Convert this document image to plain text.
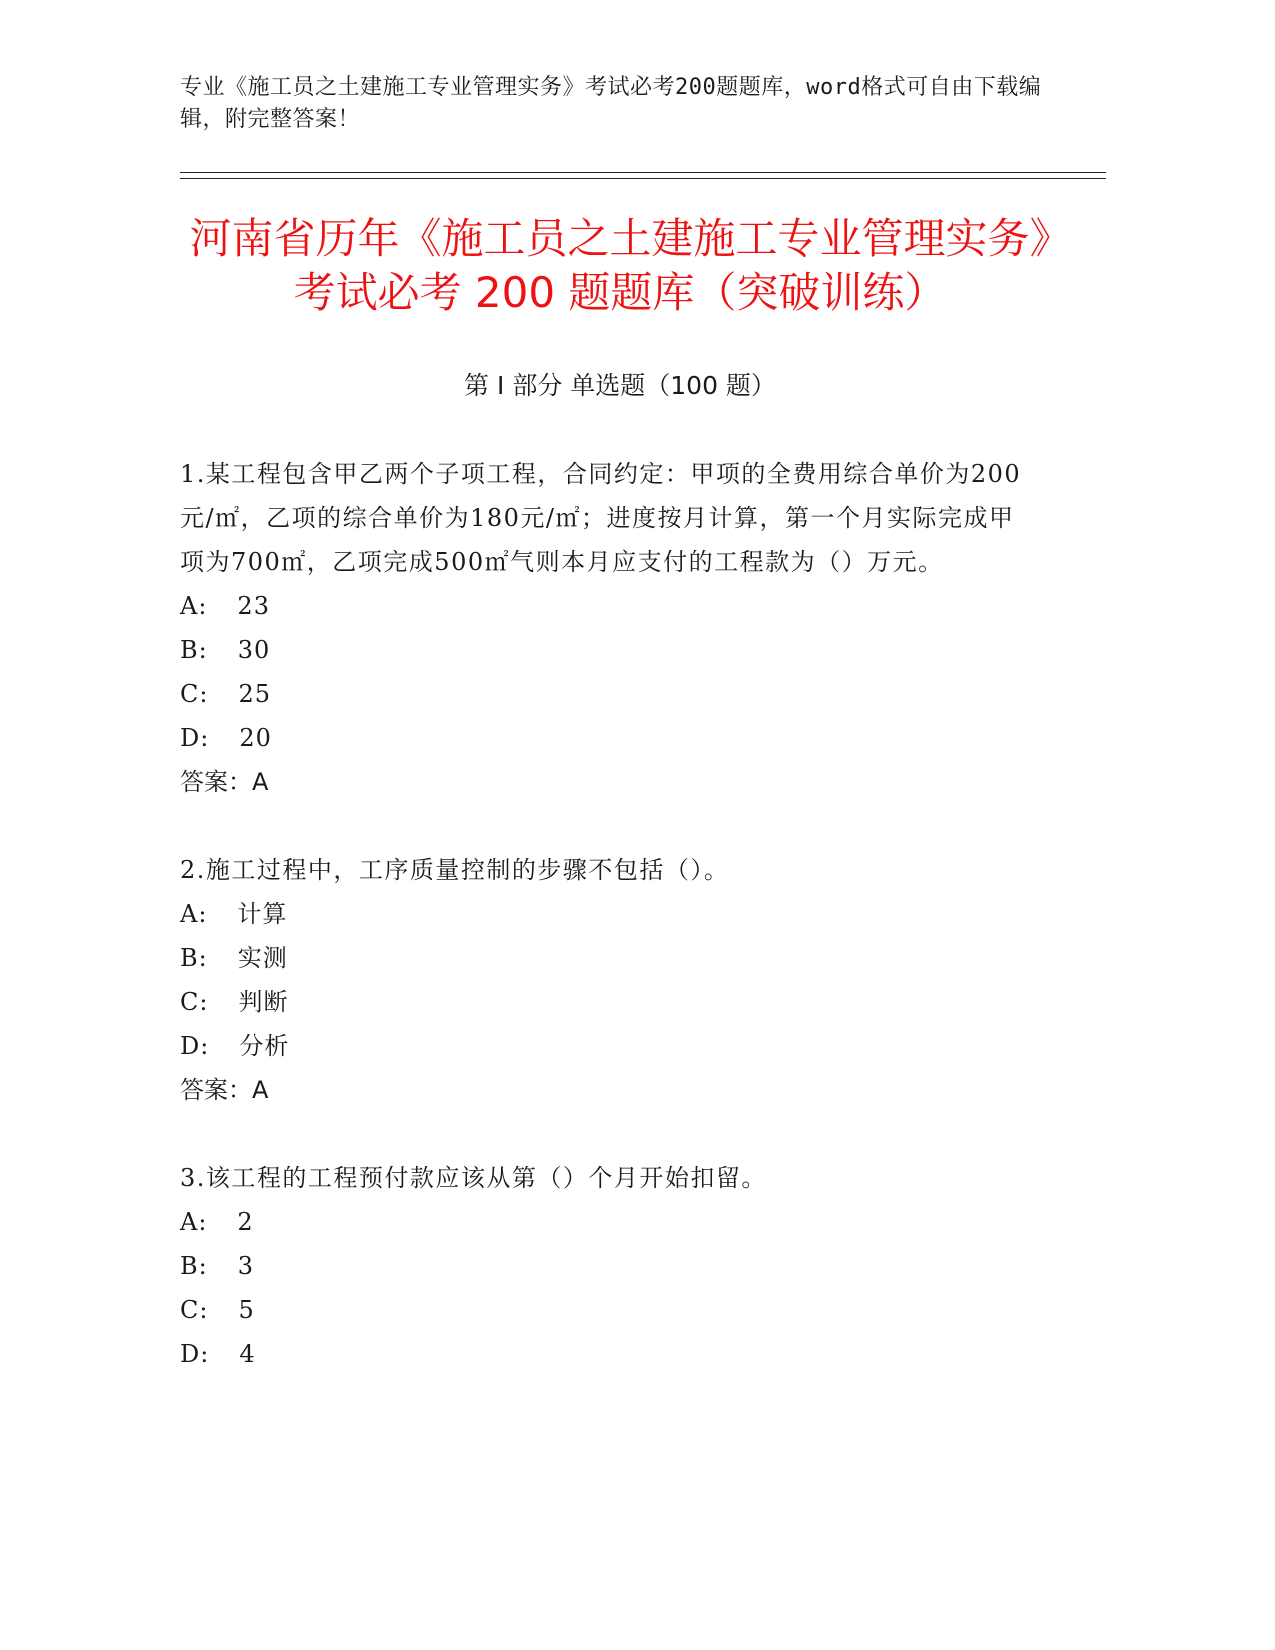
专业《施工员之土建施工专业管理实务》考试必考200题题库，word格式可自由下载编辑，附完整答案！
河南省历年《施工员之土建施工专业管理实务》考试必考 200 题题库（突破训练）
第 I 部分 单选题（100 题）
1.某工程包含甲乙两个子项工程，合同约定：甲项的全费用综合单价为200元/㎡，乙项的综合单价为180元/㎡；进度按月计算，第一个月实际完成甲项为700㎡，乙项完成500㎡气则本月应支付的工程款为（）万元。
A: 23
B: 30
C: 25
D: 20
答案：A
2.施工过程中，工序质量控制的步骤不包括（）。
A: 计算
B: 实测
C: 判断
D: 分析
答案：A
3.该工程的工程预付款应该从第（）个月开始扣留。
A: 2
B: 3
C: 5
D: 4
